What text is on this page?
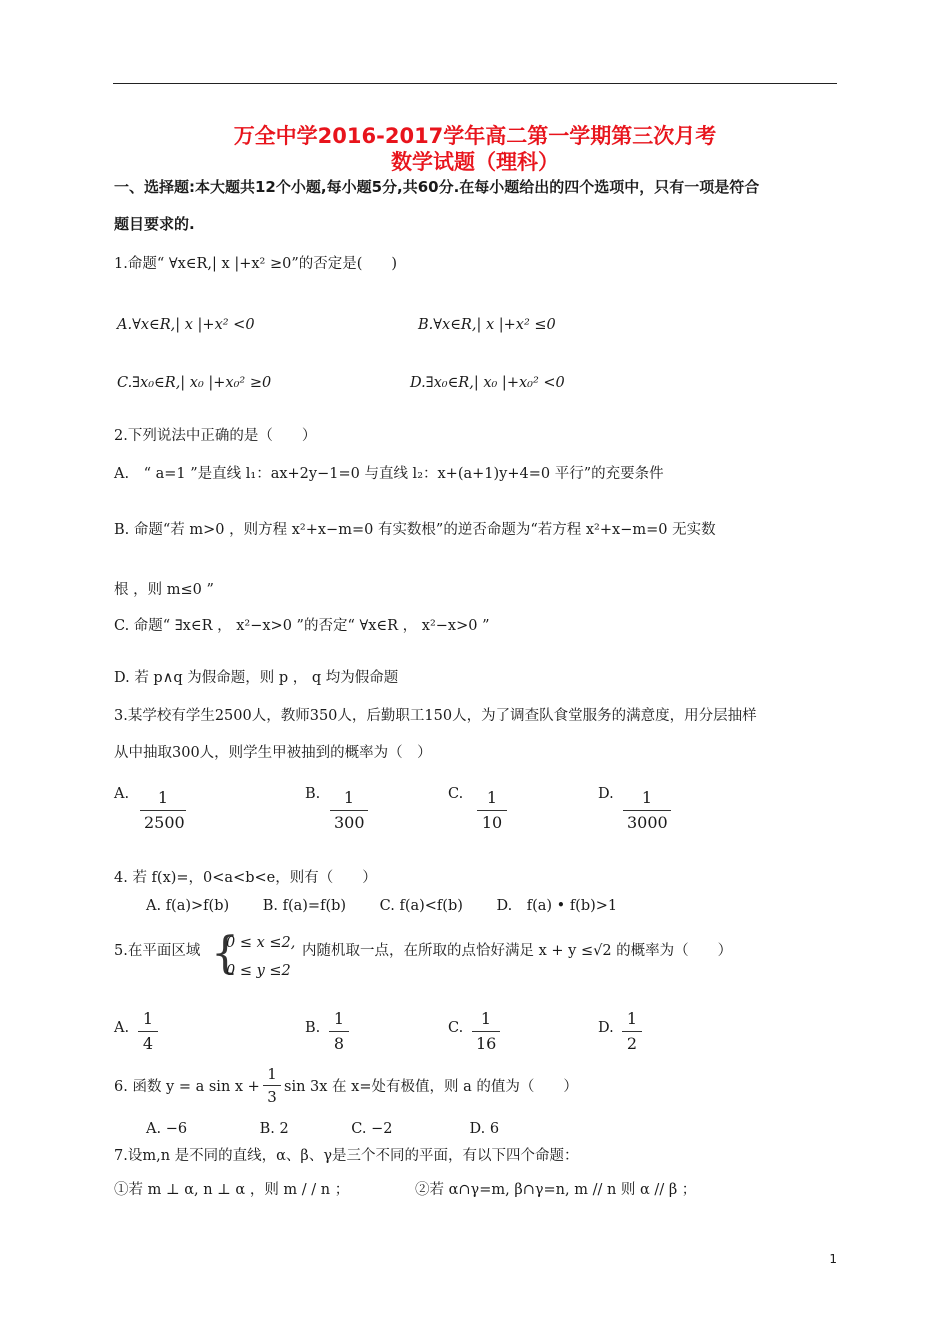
万全中学2016-2017学年高二第一学期第三次月考
数学试题（理科）
一、选择题:本大题共12个小题,每小题5分,共60分.在每小题给出的四个选项中，只有一项是符合
题目要求的.
1.命题“ ∀x∈R,| x |+x² ≥0”的否定是(　　)
A.∀x∈R,| x |+x² <0	B.∀x∈R,| x |+x² ≤0
C.∃x₀∈R,| x₀ |+x₀² ≥0	D.∃x₀∈R,| x₀ |+x₀² <0
2.下列说法中正确的是（　　）
A.　“ a=1 ”是直线 l₁：ax+2y−1=0 与直线 l₂：x+(a+1)y+4=0 平行”的充要条件
B. 命题“若 m>0 ，则方程 x²+x−m=0 有实数根”的逆否命题为“若方程 x²+x−m=0 无实数
根 ，则 m≤0 ”
C. 命题“ ∃x∈R ， x²−x>0 ”的否定“ ∀x∈R ， x²−x>0 ”
D. 若 p∧q 为假命题，则 p ， q 均为假命题
3.某学校有学生2500人，教师350人，后勤职工150人，为了调查队食堂服务的满意度，用分层抽样
从中抽取300人，则学生甲被抽到的概率为（　）
A.	1
2500
B.	1
300
C.	1
10
D.	1
3000
4. 若 f(x)=，0<a<b<e，则有（　　）
A. f(a)>f(b)　　 B. f(a)=f(b)　　 C. f(a)<f(b)　　 D.　f(a) • f(b)>1
5.在平面区域 {
0 ≤ x ≤2,
0 ≤ y ≤2
内随机取一点，在所取的点恰好满足 x + y ≤√2 的概率为（　　）
A. 1
4
B. 1
8
C.	1
16
D. 1
2
6. 函数 y = a sin x +
1
3
sin 3x 在 x=处有极值，则 a 的值为（　　）
A. −6　　　　　B. 2　　　　 C. −2　　　　　 D. 6
7.设m,n 是不同的直线，α、β、γ是三个不同的平面，有以下四个命题：
①若 m ⊥ α, n ⊥ α ，则 m / / n ；	②若 α∩γ=m, β∩γ=n, m // n 则 α // β ；
1
